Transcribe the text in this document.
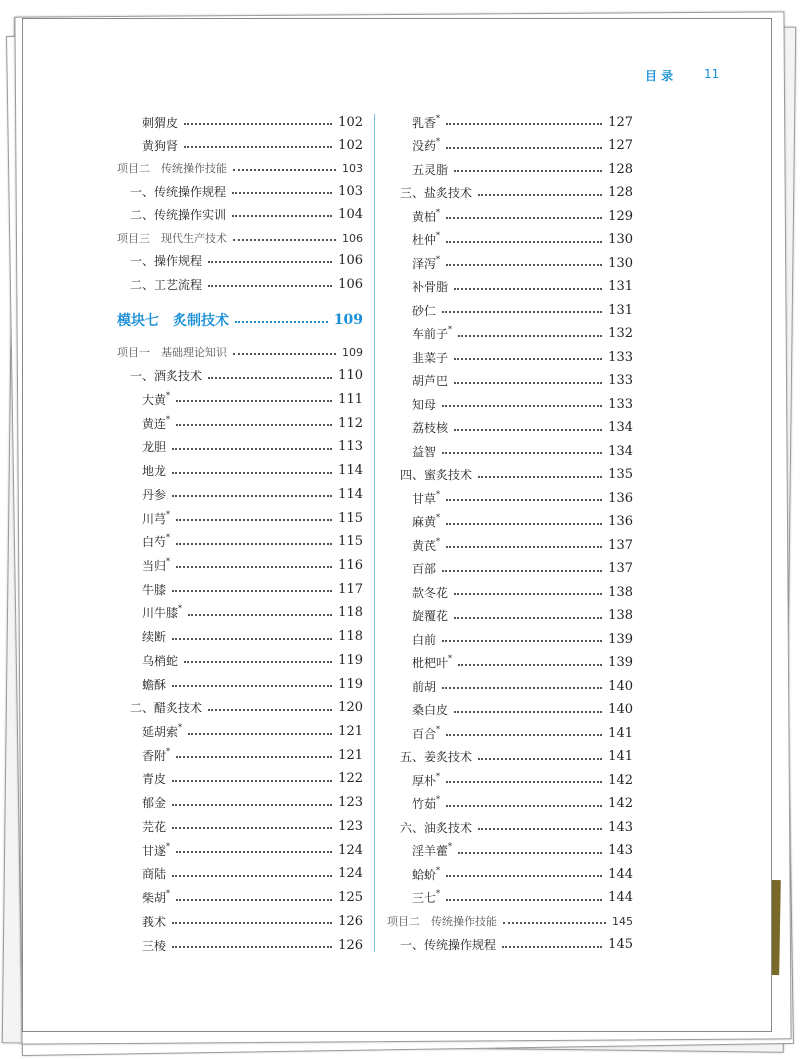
目 录	11
刺猬皮	102
黄狗肾	102
项目二　传统操作技能	103
一、传统操作规程	103
二、传统操作实训	104
项目三　现代生产技术	106
一、操作规程	106
二、工艺流程	106
模块七　炙制技术	109
项目一　基础理论知识	109
一、酒炙技术	110
大黄 *	111
黄连 *	112
龙胆	113
地龙	114
丹参	114
川芎 *	115
白芍 *	115
当归 *	116
牛膝	117
川牛膝 *	118
续断	118
乌梢蛇	119
蟾酥	119
二、醋炙技术	120
延胡索 *	121
香附 *	121
青皮	122
郁金	123
芫花	123
甘遂 *	124
商陆	124
柴胡 *	125
莪术	126
三棱	126
乳香 *	127
没药 *	127
五灵脂	128
三、盐炙技术	128
黄柏 *	129
杜仲 *	130
泽泻 *	130
补骨脂	131
砂仁	131
车前子 *	132
韭菜子	133
胡芦巴	133
知母	133
荔枝核	134
益智	134
四、蜜炙技术	135
甘草 *	136
麻黄 *	136
黄芪 *	137
百部	137
款冬花	138
旋覆花	138
白前	139
枇杷叶 *	139
前胡	140
桑白皮	140
百合 *	141
五、姜炙技术	141
厚朴 *	142
竹茹 *	142
六、油炙技术	143
淫羊藿 *	143
蛤蚧 *	144
三七 *	144
项目二　传统操作技能	145
一、传统操作规程	145
